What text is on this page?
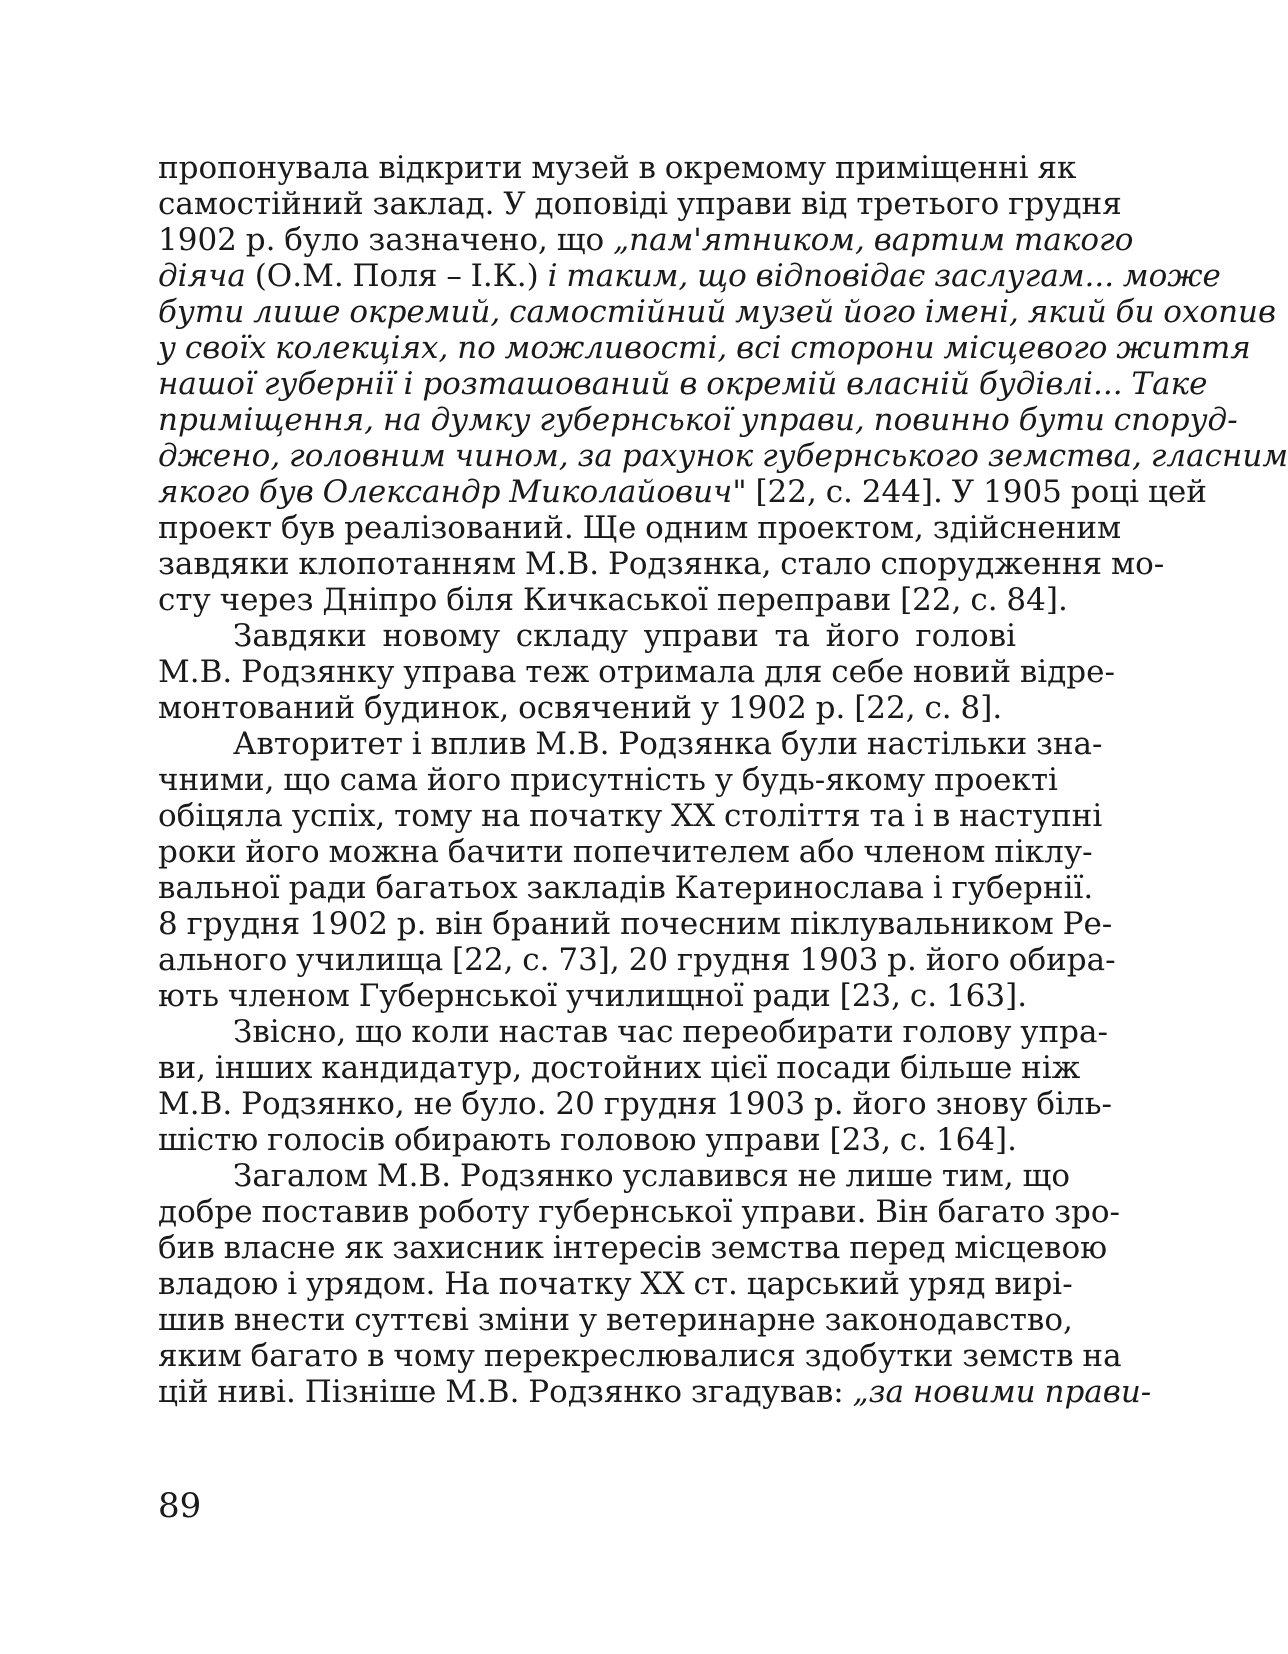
пропонувала відкрити музей в окремому приміщенні як
самостійний заклад. У доповіді управи від третього грудня
1902 р. було зазначено, що „пам'ятником, вартим такого
діяча (О.М. Поля – І.К.) і таким, що відповідає заслугам... може
бути лише окремий, самостійний музей його імені, який би охопив
у своїх колекціях, по можливості, всі сторони місцевого життя
нашої губернії і розташований в окремій власній будівлі... Таке
приміщення, на думку губернської управи, повинно бути споруд-
джено, головним чином, за рахунок губернського земства, гласним
якого був Олександр Миколайович" [22, с. 244]. У 1905 році цей
проект був реалізований. Ще одним проектом, здійсненим
завдяки клопотанням М.В. Родзянка, стало спорудження мо-
сту через Дніпро біля Кичкаської переправи [22, с. 84].
Завдяки новому складу управи та його голові
М.В. Родзянку управа теж отримала для себе новий відре-
монтований будинок, освячений у 1902 р. [22, с. 8].
Авторитет і вплив М.В. Родзянка були настільки зна-
чними, що сама його присутність у будь-якому проекті
обіцяла успіх, тому на початку ХХ століття та і в наступні
роки його можна бачити попечителем або членом піклу-
вальної ради багатьох закладів Катеринослава і губернії.
8 грудня 1902 р. він браний почесним піклувальником Ре-
ального училища [22, с. 73], 20 грудня 1903 р. його обира-
ють членом Губернської училищної ради [23, с. 163].
Звісно, що коли настав час переобирати голову упра-
ви, інших кандидатур, достойних цієї посади більше ніж
М.В. Родзянко, не було. 20 грудня 1903 р. його знову біль-
шістю голосів обирають головою управи [23, с. 164].
Загалом М.В. Родзянко уславився не лише тим, що
добре поставив роботу губернської управи. Він багато зро-
бив власне як захисник інтересів земства перед місцевою
владою і урядом. На початку ХХ ст. царський уряд вирі-
шив внести суттєві зміни у ветеринарне законодавство,
яким багато в чому перекреслювалися здобутки земств на
цій ниві. Пізніше М.В. Родзянко згадував: „за новими прави-
89
